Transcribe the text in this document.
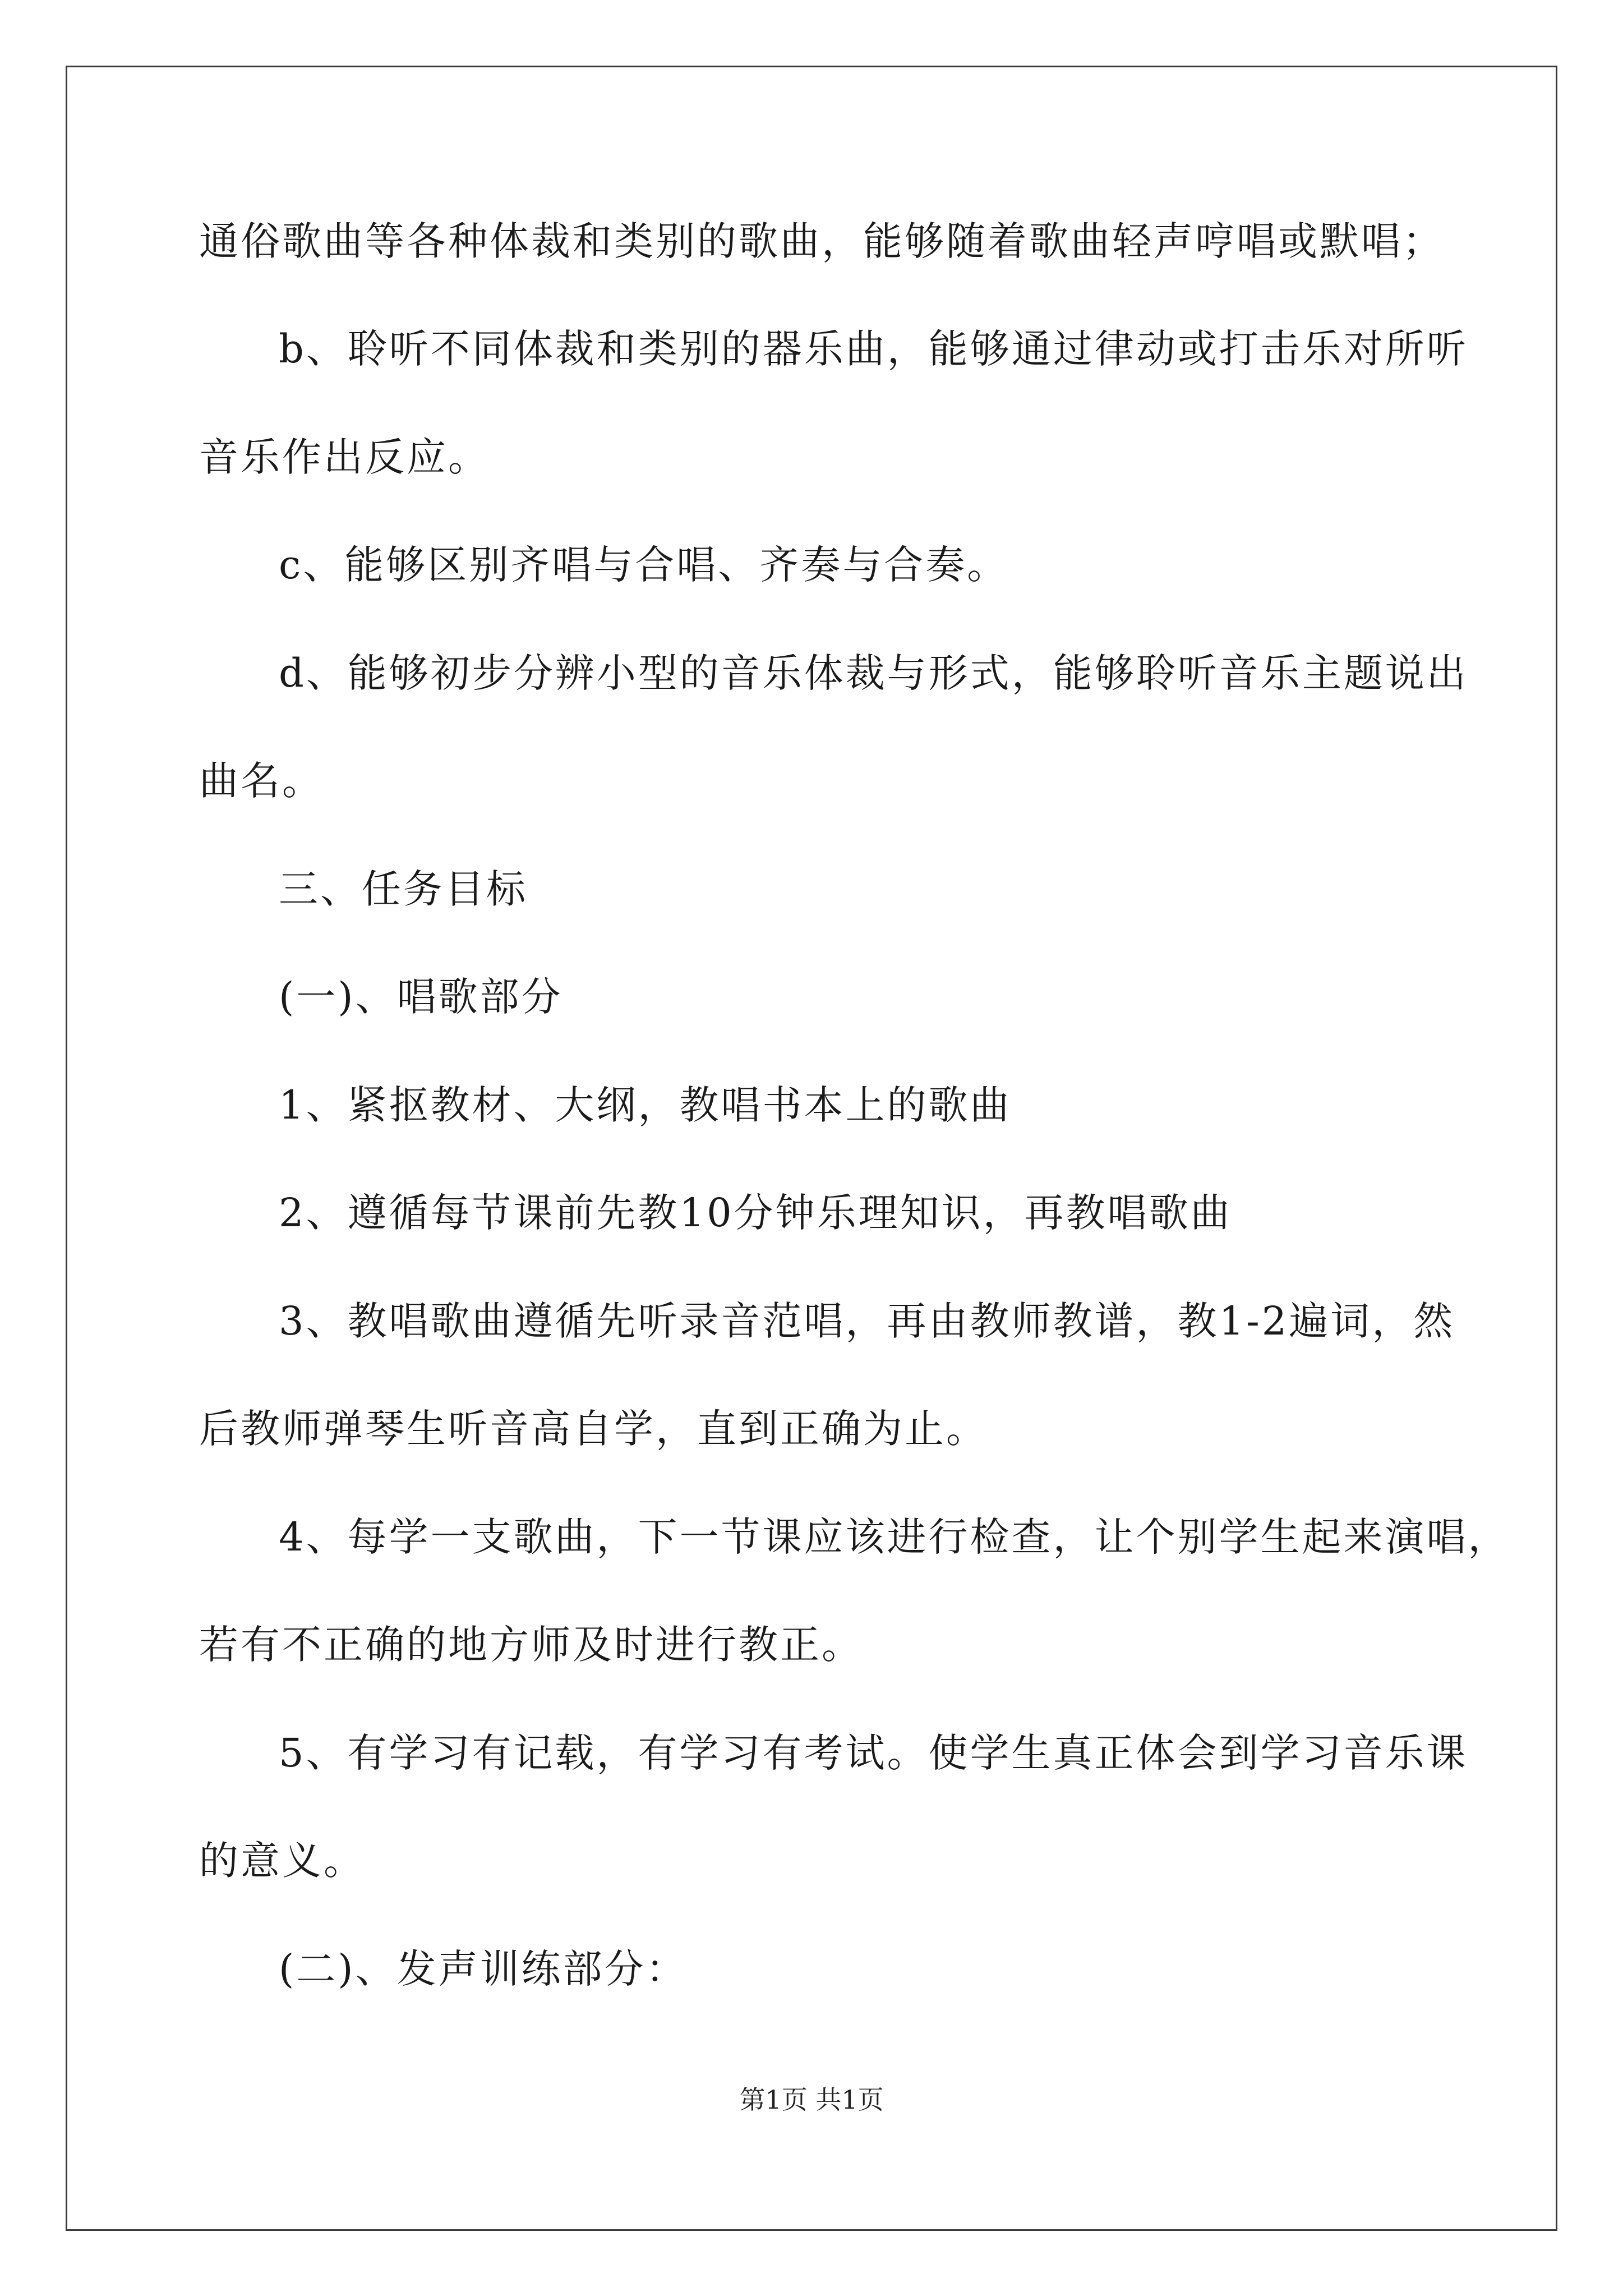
通俗歌曲等各种体裁和类别的歌曲，能够随着歌曲轻声哼唱或默唱；
b、聆听不同体裁和类别的器乐曲，能够通过律动或打击乐对所听
音乐作出反应。
c、能够区别齐唱与合唱、齐奏与合奏。
d、能够初步分辨小型的音乐体裁与形式，能够聆听音乐主题说出
曲名。
三、任务目标
(一)、唱歌部分
1、紧抠教材、大纲，教唱书本上的歌曲
2、遵循每节课前先教10分钟乐理知识，再教唱歌曲
3、教唱歌曲遵循先听录音范唱，再由教师教谱，教1-2遍词，然
后教师弹琴生听音高自学，直到正确为止。
4、每学一支歌曲，下一节课应该进行检查，让个别学生起来演唱，
若有不正确的地方师及时进行教正。
5、有学习有记载，有学习有考试。使学生真正体会到学习音乐课
的意义。
(二)、发声训练部分：
第1页 共1页
